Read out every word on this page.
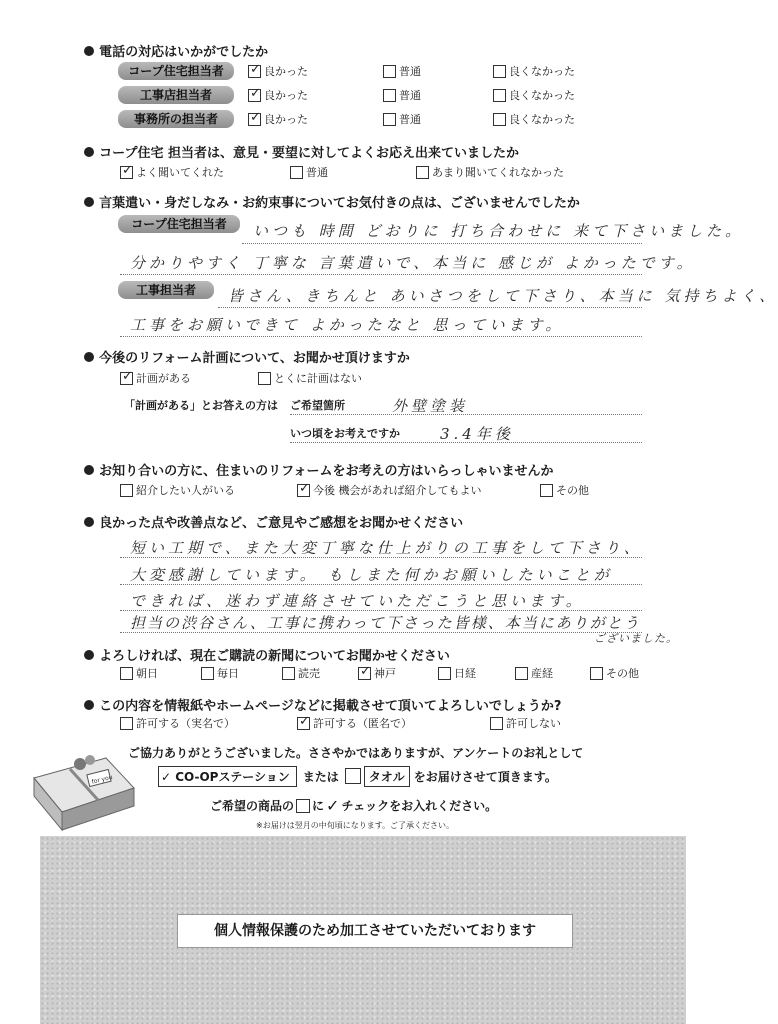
電話の対応はいかがでしたか
コープ住宅担当者	✓ 良かった	普通	良くなかった
工事店担当者	✓ 良かった	普通	良くなかった
事務所の担当者	✓ 良かった	普通	良くなかった
コープ住宅 担当者は、意見・要望に対してよくお応え出来ていましたか
✓ よく聞いてくれた	普通	あまり聞いてくれなかった
言葉遣い・身だしなみ・お約束事についてお気付きの点は、ございませんでしたか
コープ住宅担当者	いつも 時間 どおりに 打ち合わせに 来て下さいました。
分かりやすく 丁寧な 言葉遣いで、本当に 感じが よかったです。
工事担当者	皆さん、きちんと あいさつをして下さり、本当に 気持ちよく、
工事をお願いできて よかったなと 思っています。
今後のリフォーム計画について、お聞かせ頂けますか
✓ 計画がある	とくに計画はない
「計画がある」とお答えの方は ご希望箇所	外壁塗装
いつ頃をお考えですか	3.4年後
お知り合いの方に、住まいのリフォームをお考えの方はいらっしゃいませんか
紹介したい人がいる	✓ 今後 機会があれば紹介してもよい	その他
良かった点や改善点など、ご意見やご感想をお聞かせください
短い工期で、また大変丁寧な仕上がりの工事をして下さり、
大変感謝しています。 もしまた何かお願いしたいことが
できれば、迷わず連絡させていただこうと思います。
担当の渋谷さん、工事に携わって下さった皆様、本当にありがとう
ございました。
よろしければ、現在ご購読の新聞についてお聞かせください
朝日	毎日	読売	✓ 神戸	日経	産経	その他
この内容を情報紙やホームページなどに掲載させて頂いてよろしいでしょうか?
許可する（実名で）	✓ 許可する（匿名で）	許可しない
for you
ご協力ありがとうございました。ささやかではありますが、アンケートのお礼として
✓ CO-OPステーション	または	タオル をお届けさせて頂きます。
ご希望の商品の に ✓ チェックをお入れください。
※お届けは翌月の中旬頃になります。ご了承ください。
個人情報保護のため加工させていただいております
